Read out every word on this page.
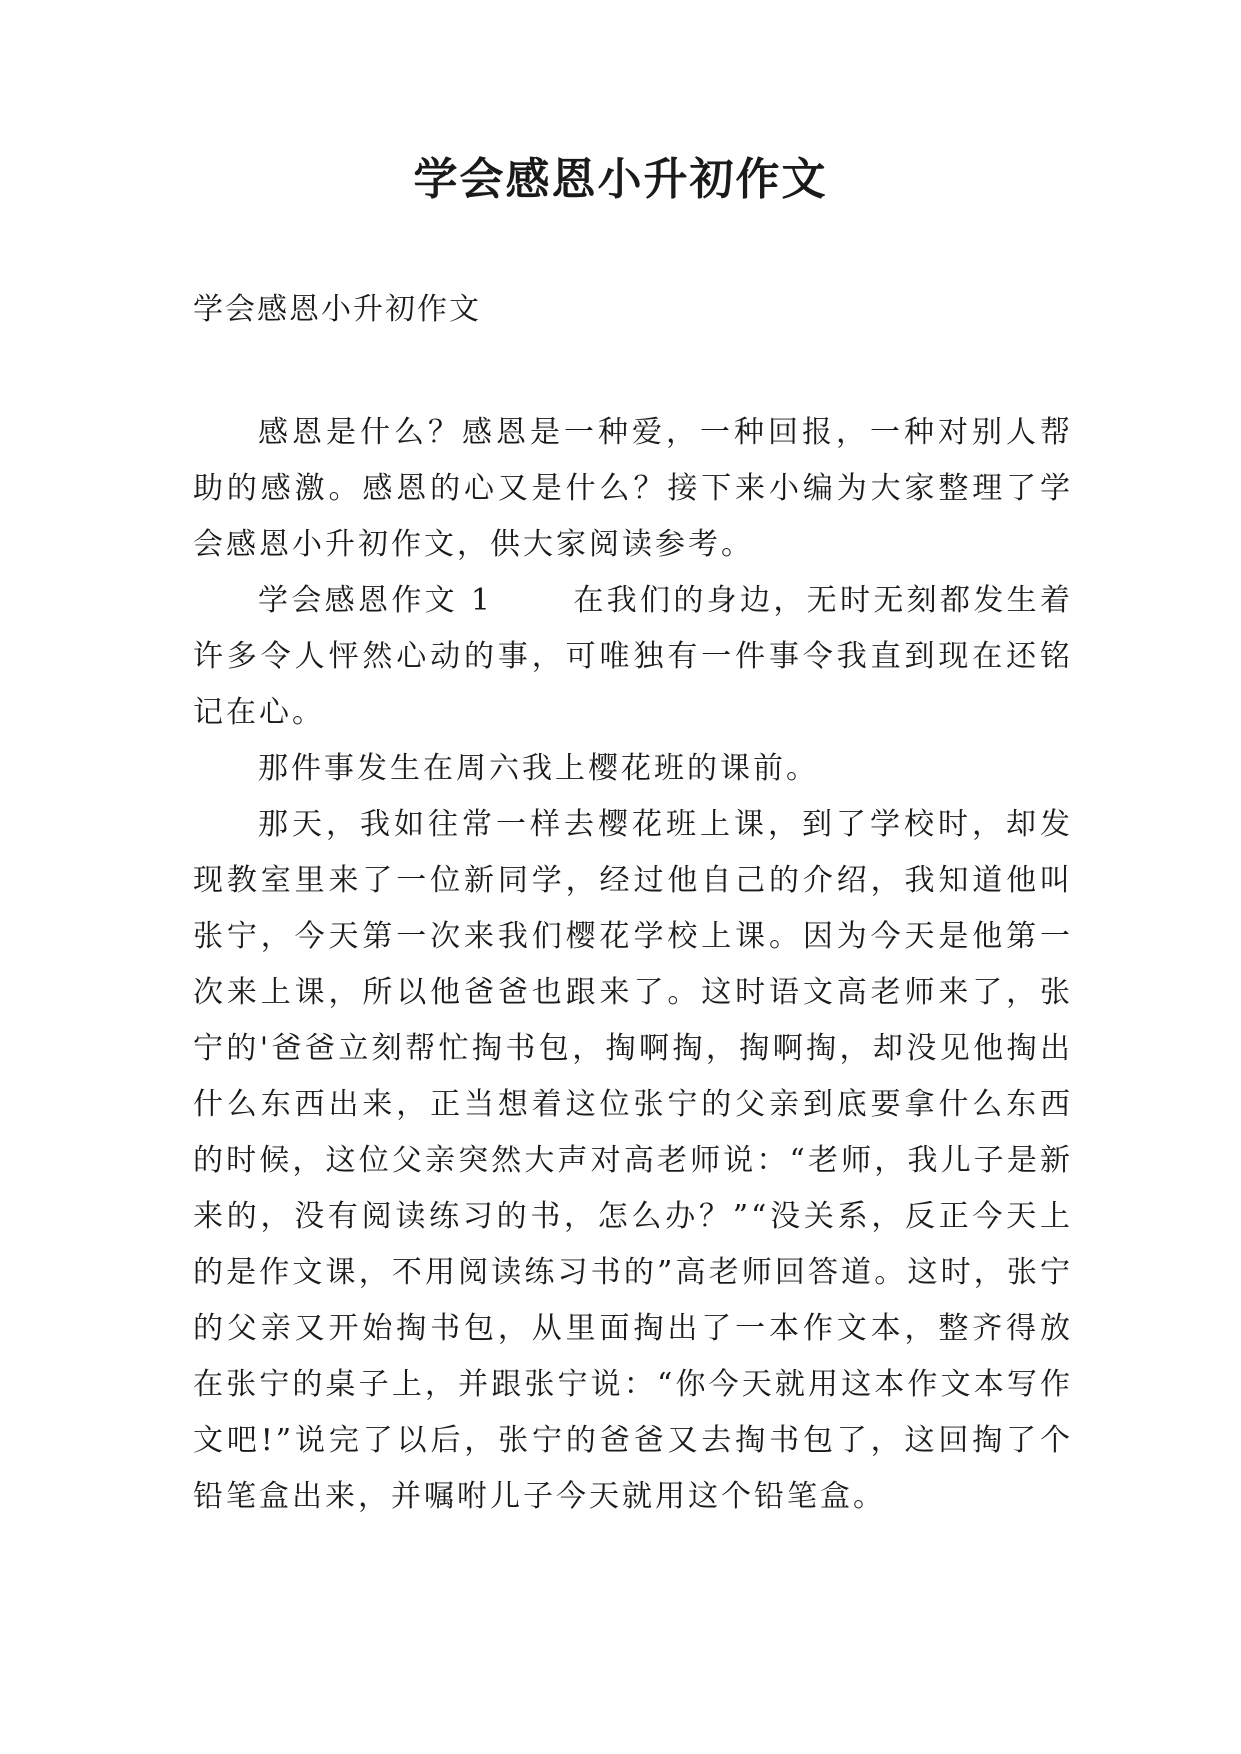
学会感恩小升初作文

学会感恩小升初作文

感恩是什么？感恩是一种爱，一种回报，一种对别人帮助的感激。感恩的心又是什么？接下来小编为大家整理了学会感恩小升初作文，供大家阅读参考。

学会感恩作文 1	在我们的身边，无时无刻都发生着许多令人怦然心动的事，可唯独有一件事令我直到现在还铭记在心。

那件事发生在周六我上樱花班的课前。

那天，我如往常一样去樱花班上课，到了学校时，却发现教室里来了一位新同学，经过他自己的介绍，我知道他叫张宁，今天第一次来我们樱花学校上课。因为今天是他第一次来上课，所以他爸爸也跟来了。这时语文高老师来了，张宁的'爸爸立刻帮忙掏书包，掏啊掏，掏啊掏，却没见他掏出什么东西出来，正当想着这位张宁的父亲到底要拿什么东西的时候，这位父亲突然大声对高老师说：“老师，我儿子是新来的，没有阅读练习的书，怎么办？”“没关系，反正今天上的是作文课，不用阅读练习书的”高老师回答道。这时，张宁的父亲又开始掏书包，从里面掏出了一本作文本，整齐得放在张宁的桌子上，并跟张宁说：“你今天就用这本作文本写作文吧!”说完了以后，张宁的爸爸又去掏书包了，这回掏了个铅笔盒出来，并嘱咐儿子今天就用这个铅笔盒。
